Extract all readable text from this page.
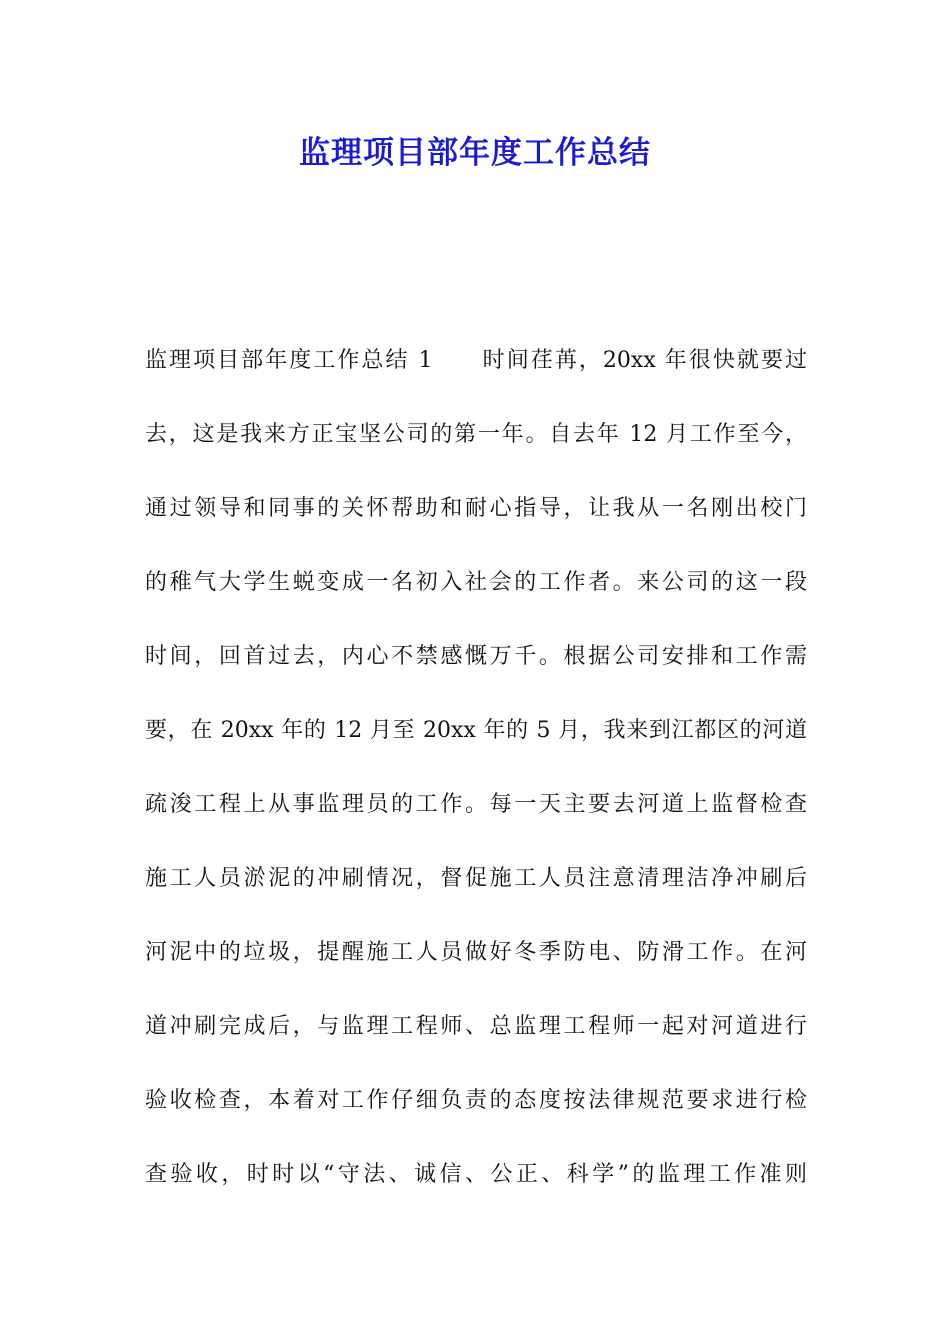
监理项目部年度工作总结
监理项目部年度工作总结 1　　时间荏苒，20xx 年很快就要过
去，这是我来方正宝坚公司的第一年。自去年 12 月工作至今，
通过领导和同事的关怀帮助和耐心指导，让我从一名刚出校门
的稚气大学生蜕变成一名初入社会的工作者。来公司的这一段
时间，回首过去，内心不禁感慨万千。根据公司安排和工作需
要，在 20xx 年的 12 月至 20xx 年的 5 月，我来到江都区的河道
疏浚工程上从事监理员的工作。每一天主要去河道上监督检查
施工人员淤泥的冲刷情况，督促施工人员注意清理洁净冲刷后
河泥中的垃圾，提醒施工人员做好冬季防电、防滑工作。在河
道冲刷完成后，与监理工程师、总监理工程师一起对河道进行
验收检查，本着对工作仔细负责的态度按法律规范要求进行检
查验收，时时以“守法、诚信、公正、科学”的监理工作准则
